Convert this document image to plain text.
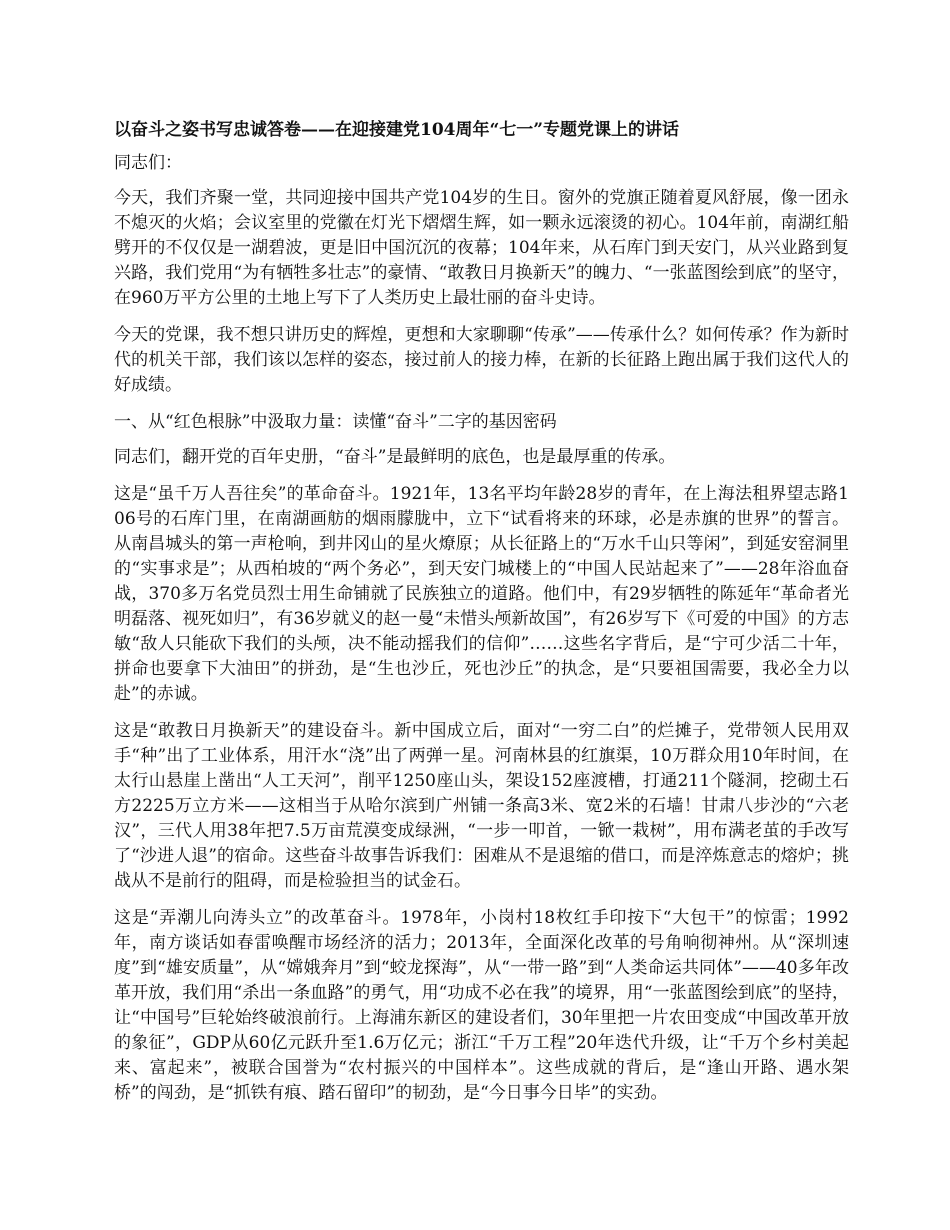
以奋斗之姿书写忠诚答卷——在迎接建党104周年“七一”专题党课上的讲话
同志们：
今天，我们齐聚一堂，共同迎接中国共产党104岁的生日。窗外的党旗正随着夏风舒展，像一团永不熄灭的火焰；会议室里的党徽在灯光下熠熠生辉，如一颗永远滚烫的初心。104年前，南湖红船劈开的不仅仅是一湖碧波，更是旧中国沉沉的夜幕；104年来，从石库门到天安门，从兴业路到复兴路，我们党用“为有牺牲多壮志”的豪情、“敢教日月换新天”的魄力、“一张蓝图绘到底”的坚守，在960万平方公里的土地上写下了人类历史上最壮丽的奋斗史诗。
今天的党课，我不想只讲历史的辉煌，更想和大家聊聊“传承”——传承什么？如何传承？作为新时代的机关干部，我们该以怎样的姿态，接过前人的接力棒，在新的长征路上跑出属于我们这代人的好成绩。
一、从“红色根脉”中汲取力量：读懂“奋斗”二字的基因密码
同志们，翻开党的百年史册，“奋斗”是最鲜明的底色，也是最厚重的传承。
这是“虽千万人吾往矣”的革命奋斗。1921年，13名平均年龄28岁的青年，在上海法租界望志路106号的石库门里，在南湖画舫的烟雨朦胧中，立下“试看将来的环球，必是赤旗的世界”的誓言。从南昌城头的第一声枪响，到井冈山的星火燎原；从长征路上的“万水千山只等闲”，到延安窑洞里的“实事求是”；从西柏坡的“两个务必”，到天安门城楼上的“中国人民站起来了”——28年浴血奋战，370多万名党员烈士用生命铺就了民族独立的道路。他们中，有29岁牺牲的陈延年“革命者光明磊落、视死如归”，有36岁就义的赵一曼“未惜头颅新故国”，有26岁写下《可爱的中国》的方志敏“敌人只能砍下我们的头颅，决不能动摇我们的信仰”……这些名字背后，是“宁可少活二十年，拼命也要拿下大油田”的拼劲，是“生也沙丘，死也沙丘”的执念，是“只要祖国需要，我必全力以赴”的赤诚。
这是“敢教日月换新天”的建设奋斗。新中国成立后，面对“一穷二白”的烂摊子，党带领人民用双手“种”出了工业体系，用汗水“浇”出了两弹一星。河南林县的红旗渠，10万群众用10年时间，在太行山悬崖上凿出“人工天河”，削平1250座山头，架设152座渡槽，打通211个隧洞，挖砌土石方2225万立方米——这相当于从哈尔滨到广州铺一条高3米、宽2米的石墙！甘肃八步沙的“六老汉”，三代人用38年把7.5万亩荒漠变成绿洲，“一步一叩首，一锨一栽树”，用布满老茧的手改写了“沙进人退”的宿命。这些奋斗故事告诉我们：困难从不是退缩的借口，而是淬炼意志的熔炉；挑战从不是前行的阻碍，而是检验担当的试金石。
这是“弄潮儿向涛头立”的改革奋斗。1978年，小岗村18枚红手印按下“大包干”的惊雷；1992年，南方谈话如春雷唤醒市场经济的活力；2013年，全面深化改革的号角响彻神州。从“深圳速度”到“雄安质量”，从“嫦娥奔月”到“蛟龙探海”，从“一带一路”到“人类命运共同体”——40多年改革开放，我们用“杀出一条血路”的勇气，用“功成不必在我”的境界，用“一张蓝图绘到底”的坚持，让“中国号”巨轮始终破浪前行。上海浦东新区的建设者们，30年里把一片农田变成“中国改革开放的象征”，GDP从60亿元跃升至1.6万亿元；浙江“千万工程”20年迭代升级，让“千万个乡村美起来、富起来”，被联合国誉为“农村振兴的中国样本”。这些成就的背后，是“逢山开路、遇水架桥”的闯劲，是“抓铁有痕、踏石留印”的韧劲，是“今日事今日毕”的实劲。
